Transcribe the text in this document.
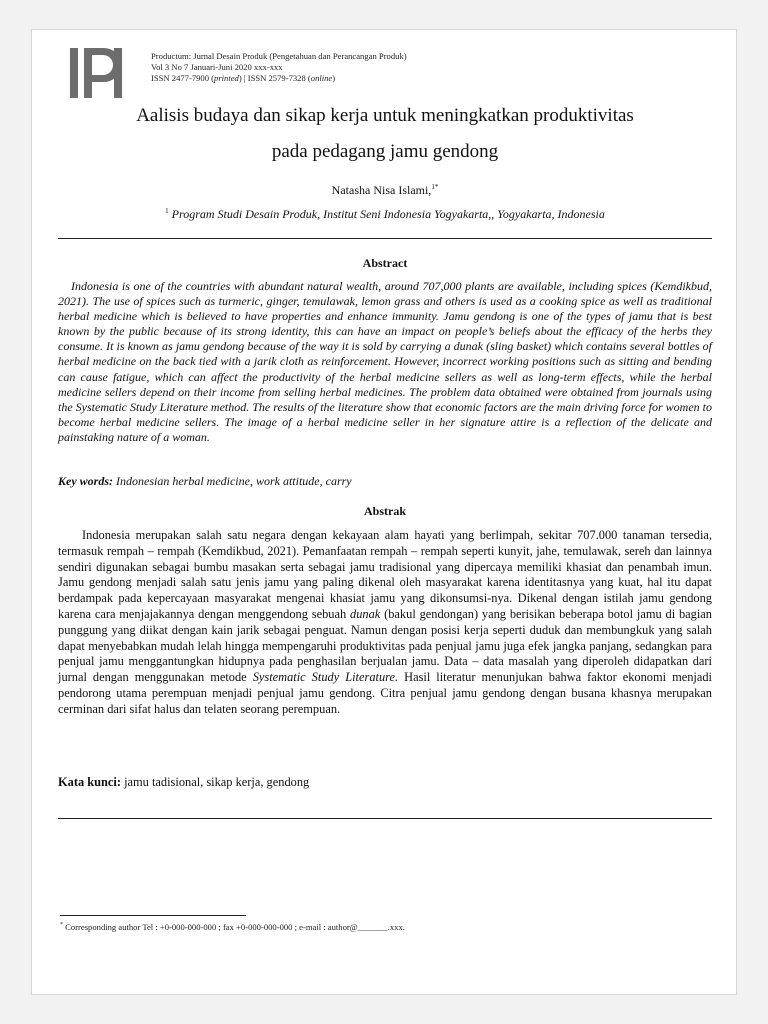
Productum: Jurnal Desain Produk (Pengetahuan dan Perancangan Produk)
Vol 3 No 7 Januari-Juni 2020 xxx-xxx
ISSN 2477-7900 (printed) | ISSN 2579-7328 (online)
Aalisis budaya dan sikap kerja untuk meningkatkan produktivitas
pada pedagang jamu gendong
Natasha Nisa Islami,$^{1*}$
$^1$ Program Studi Desain Produk, Institut Seni Indonesia Yogyakarta,, Yogyakarta, Indonesia
Abstract

Indonesia is one of the countries with abundant natural wealth, around 707,000 plants are available, including spices (Kemdikbud, 2021). The use of spices such as turmeric, ginger, temulawak, lemon grass and others is used as a cooking spice as well as traditional herbal medicine which is believed to have properties and enhance immunity. Jamu gendong is one of the types of jamu that is best known by the public because of its strong identity, this can have an impact on people’s beliefs about the efficacy of the herbs they consume. It is known as jamu gendong because of the way it is sold by carrying a dunak (sling basket) which contains several bottles of herbal medicine on the back tied with a jarik cloth as reinforcement. However, incorrect working positions such as sitting and bending can cause fatigue, which can affect the productivity of the herbal medicine sellers as well as long-term effects, while the herbal medicine sellers depend on their income from selling herbal medicines. The problem data obtained were obtained from journals using the Systematic Study Literature method. The results of the literature show that economic factors are the main driving force for women to become herbal medicine sellers. The image of a herbal medicine seller in her signature attire is a reflection of the delicate and painstaking nature of a woman.

Key words: Indonesian herbal medicine, work attitude, carry
Abstrak

Indonesia merupakan salah satu negara dengan kekayaan alam hayati yang berlimpah, sekitar 707.000 tanaman tersedia, termasuk rempah – rempah (Kemdikbud, 2021). Pemanfaatan rempah – rempah seperti kunyit, jahe, temulawak, sereh dan lainnya sendiri digunakan sebagai bumbu masakan serta sebagai jamu tradisional yang dipercaya memiliki khasiat dan penambah imun. Jamu gendong menjadi salah satu jenis jamu yang paling dikenal oleh masyarakat karena identitasnya yang kuat, hal itu dapat berdampak pada kepercayaan masyarakat mengenai khasiat jamu yang dikonsumsi-nya. Dikenal dengan istilah jamu gendong karena cara menjajakannya dengan menggendong sebuah dunak (bakul gendongan) yang berisikan beberapa botol jamu di bagian punggung yang diikat dengan kain jarik sebagai penguat. Namun dengan posisi kerja seperti duduk dan membungkuk yang salah dapat menyebabkan mudah lelah hingga mempengaruhi produktivitas pada penjual jamu juga efek jangka panjang, sedangkan para penjual jamu menggantungkan hidupnya pada penghasilan berjualan jamu. Data – data masalah yang diperoleh didapatkan dari jurnal dengan menggunakan metode Systematic Study Literature. Hasil literatur menunjukan bahwa faktor ekonomi menjadi pendorong utama perempuan menjadi penjual jamu gendong. Citra penjual jamu gendong dengan busana khasnya merupakan cerminan dari sifat halus dan telaten seorang perempuan.

Kata kunci: jamu tadisional, sikap kerja, gendong
* Corresponding author Tel : +0-000-000-000 ; fax +0-000-000-000 ; e-mail : author@_______.xxx.
